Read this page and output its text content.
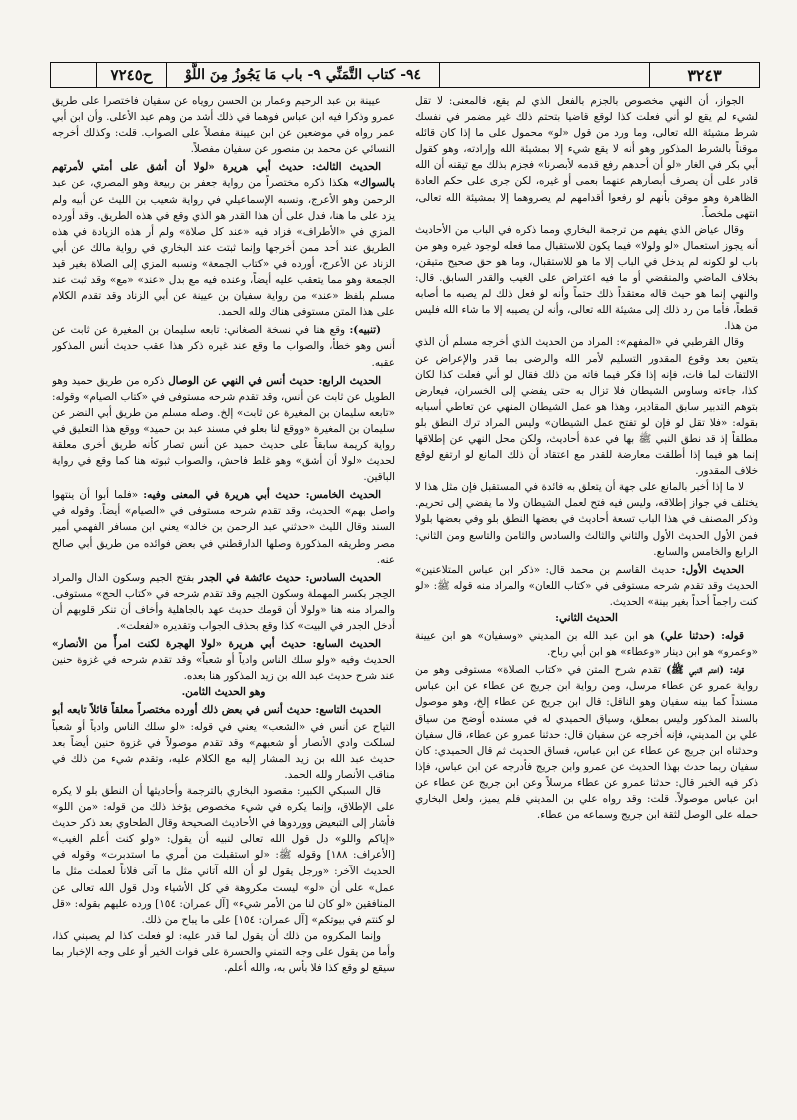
٣٢٤٣
٩٤- كتاب التَّمَنِّي ٩- باب مَا يَجُوزُ مِنَ اللَّوْ
ح٧٢٤٥

الجواز، أن النهي مخصوص بالجزم بالفعل الذي لم يقع، فالمعنى: لا تقل لشيء لم يقع لو أني فعلت كذا لوقع قاضيا بتحتم ذلك غير مضمر في نفسك شرط مشيئة الله تعالى، وما ورد من قول «لو» محمول على ما إذا كان قائله موقناً بالشرط المذكور وهو أنه لا يقع شيء إلا بمشيئة الله وإرادته، وهو كقول أبي بكر في الغار «لو أن أحدهم رفع قدمه لأبصرنا» فجزم بذلك مع تيقنه أن الله قادر على أن يصرف أبصارهم عنهما بعمى أو غيره، لكن جرى على حكم العادة الظاهرة وهو موقن بأنهم لو رفعوا أقدامهم لم يصروهما إلا بمشيئة الله تعالى، انتهى ملخصاً.

وقال عياض الذي يفهم من ترجمة البخاري ومما ذكره في الباب من الأحاديث أنه يجوز استعمال «لو ولولا» فيما يكون للاستقبال مما فعله لوجود غيره وهو من باب لو لكونه لم يدخل في الباب إلا ما هو للاستقبال، وما هو حق صحيح متيقن، بخلاف الماضي والمنقضي أو ما فيه اعتراض على الغيب والقدر السابق. قال: والنهي إنما هو حيث قاله معتقداً ذلك حتماً وأنه لو فعل ذلك لم يصبه ما أصابه قطعاً، فأما من رد ذلك إلى مشيئة الله تعالى، وأنه لن يصيبه إلا ما شاء الله فليس من هذا.

وقال القرطبي في «المفهم»: المراد من الحديث الذي أخرجه مسلم أن الذي يتعين بعد وقوع المقدور التسليم لأمر الله والرضى بما قدر والإعراض عن الالتفات لما فات، فإنه إذا فكر فيما فاته من ذلك فقال لو أني فعلت كذا لكان كذا، جاءته وساوس الشيطان فلا تزال به حتى يفضي إلى الخسران، فيعارض بتوهم التدبير سابق المقادير، وهذا هو عمل الشيطان المنهي عن تعاطي أسبابه بقوله: «فلا تقل لو فإن لو تفتح عمل الشيطان» وليس المراد ترك النطق بلو مطلقاً إذ قد نطق النبي ﷺ بها في عدة أحاديث، ولكن محل النهي عن إطلاقها إنما هو فيما إذا أطلقت معارضة للقدر مع اعتقاد أن ذلك المانع لو ارتفع لوقع خلاف المقدور.

لا ما إذا أخبر بالمانع على جهة أن يتعلق به فائدة في المستقبل فإن مثل هذا لا يختلف في جواز إطلاقه، وليس فيه فتح لعمل الشيطان ولا ما يفضي إلى تحريم. وذكر المصنف في هذا الباب تسعة أحاديث في بعضها النطق بلو وفي بعضها بلولا فمن الأول الحديث الأول والثاني والثالث والسادس والثامن والتاسع ومن الثاني: الرابع والخامس والسابع.

الحديث الأول: حديث القاسم بن محمد قال: «ذكر ابن عباس المتلاعنين» الحديث وقد تقدم شرحه مستوفى في «كتاب اللعان» والمراد منه قوله ﷺ: «لو كنت راجماً أحداً بغير بينة» الحديث.

الحديث الثاني:

قوله: (حدثنا علي) هو ابن عبد الله بن المديني «وسفيان» هو ابن عيينة «وعمرو» هو ابن دينار «وعطاء» هو ابن أبي رباح.

قوله: (اعتم النبي ﷺ) تقدم شرح المتن في «كتاب الصلاة» مستوفى وهو من رواية عمرو عن عطاء مرسل، ومن رواية ابن جريج عن عطاء عن ابن عباس مسنداً كما بينه سفيان وهو الناقل: قال ابن جريج عن عطاء إلخ، وهو موصول بالسند المذكور وليس بمعلق، وسياق الحميدي له في مسنده أوضح من سياق علي بن المديني، فإنه أخرجه عن سفيان قال: حدثنا عمرو عن عطاء، قال سفيان وحدثناه ابن جريج عن عطاء عن ابن عباس، فساق الحديث ثم قال الحميدي: كان سفيان ربما حدث بهذا الحديث عن عمرو وابن جريج فأدرجه عن ابن عباس، فإذا ذكر فيه الخبر قال: حدثنا عمرو عن عطاء مرسلاً وعن ابن جريج عن عطاء عن ابن عباس موصولاً. قلت: وقد رواه علي بن المديني فلم يميز، ولعل البخاري حمله على الوصل لثقة ابن جريج وسماعه من عطاء.

عيينة بن عبد الرحيم وعمار بن الحسن روياه عن سفيان فاختصرا على طريق عمرو وذكرا فيه ابن عباس فوهما في ذلك أشد من وهم عبد الأعلى. وأن ابن أبي عمر رواه في موضعين عن ابن عيينة مفصلاً على الصواب. قلت: وكذلك أخرجه النسائي عن محمد بن منصور عن سفيان مفصلاً.

الحديث الثالث: حديث أبي هريرة «لولا أن أشق على أمتي لأمرتهم بالسواك» هكذا ذكره مختصراً من رواية جعفر بن ربيعة وهو المصري، عن عبد الرحمن وهو الأعرج، ونسبه الإسماعيلي في رواية شعيب بن الليث عن أبيه ولم يزد على ما هنا، فدل على أن هذا القدر هو الذي وقع في هذه الطريق. وقد أورده المزي في «الأطراف» فزاد فيه «عند كل صلاة» ولم أر هذه الزيادة في هذه الطريق عند أحد ممن أخرجها وإنما ثبتت عند البخاري في رواية مالك عن أبي الزناد عن الأعرج، أورده في «كتاب الجمعة» ونسبه المزي إلى الصلاة بغير قيد الجمعة وهو مما يتعقب عليه أيضاً، وعنده فيه مع بدل «عند» «مع» وقد ثبت عند مسلم بلفظ «عند» من رواية سفيان بن عيينة عن أبي الزناد وقد تقدم الكلام على هذا المتن مستوفى هناك ولله الحمد.

(تنبيه): وقع هنا في نسخة الصغاني: تابعه سليمان بن المغيرة عن ثابت عن أنس وهو خطأ، والصواب ما وقع عند غيره ذكر هذا عقب حديث أنس المذكور عقبه.

الحديث الرابع: حديث أنس في النهي عن الوصال ذكره من طريق حميد وهو الطويل عن ثابت عن أنس، وقد تقدم شرحه مستوفى في «كتاب الصيام» وقوله: «تابعه سليمان بن المغيرة عن ثابت» إلخ. وصله مسلم من طريق أبي النضر عن سليمان بن المغيرة «ووقع لنا بعلو في مسند عبد بن حميد» ووقع هذا التعليق في رواية كريمة سابقاً على حديث حميد عن أنس تصار كأنه طريق أخرى معلقة لحديث «لولا أن أشق» وهو غلط فاحش، والصواب ثبوته هنا كما وقع في رواية الباقين.

الحديث الخامس: حديث أبي هريرة في المعنى وفيه: «فلما أبوا أن ينتهوا واصل بهم» الحديث، وقد تقدم شرحه مستوفى في «الصيام» أيضاً. وقوله في السند وقال الليث «حدثني عبد الرحمن بن خالد» يعني ابن مسافر الفهمي أمير مصر وطريقه المذكورة وصلها الدارقطني في بعض فوائده من طريق أبي صالح عنه.

الحديث السادس: حديث عائشة في الجدر بفتح الجيم وسكون الدال والمراد الحِجر بكسر المهملة وسكون الجيم وقد تقدم شرحه في «كتاب الحج» مستوفى. والمراد منه هنا «ولولا أن قومك حديث عهد بالجاهلية وأخاف أن تنكر قلوبهم أن أدخل الجدر في البيت» كذا وقع بحذف الجواب وتقديره «لفعلت».

الحديث السابع: حديث أبي هريرة «لولا الهجرة لكنت امرأً من الأنصار» الحديث وفيه «ولو سلك الناس وادياً أو شعباً» وقد تقدم شرحه في غزوة حنين عند شرح حديث عبد الله بن زيد المذكور هنا بعده.

وهو الحديث الثامن.

الحديث التاسع: حديث أنس في بعض ذلك أورده مختصراً معلقاً قائلاً تابعه أبو التياح عن أنس في «الشعب» يعني في قوله: «لو سلك الناس وادياً أو شعباً لسلكت وادي الأنصار أو شعبهم» وقد تقدم موصولاً في غزوة حنين أيضاً بعد حديث عبد الله بن زيد المشار إليه مع الكلام عليه، وتقدم شيء من ذلك في مناقب الأنصار ولله الحمد.

قال السبكي الكبير: مقصود البخاري بالترجمة وأحاديثها أن النطق بلو لا يكره على الإطلاق، وإنما يكره في شيء مخصوص يؤخذ ذلك من قوله: «من اللو» فأشار إلى التبعيض ووردوها في الأحاديث الصحيحة وقال الطحاوي بعد ذكر حديث «إياكم واللو» دل قول الله تعالى لنبيه أن يقول: «ولو كنت أعلم الغيب» [الأعراف: ١٨٨] وقوله ﷺ: «لو استقبلت من أمري ما استدبرت» وقوله في الحديث الآخر: «ورجل يقول لو أن الله آتاني مثل ما آتى فلاناً لعملت مثل ما عمل» على أن «لو» ليست مكروهة في كل الأشياء ودل قول الله تعالى عن المنافقين «لو كان لنا من الأمر شيء» [آل عمران: ١٥٤] ورده عليهم بقوله: «قل لو كنتم في بيوتكم» [آل عمران: ١٥٤] على ما يباح من ذلك.

وإنما المكروه من ذلك أن يقول لما قدر عليه: لو فعلت كذا لم يصبني كذا، وأما من يقول على وجه التمني والحسرة على فوات الخير أو على وجه الإخبار بما سيقع لو وقع كذا فلا بأس به، والله أعلم.
